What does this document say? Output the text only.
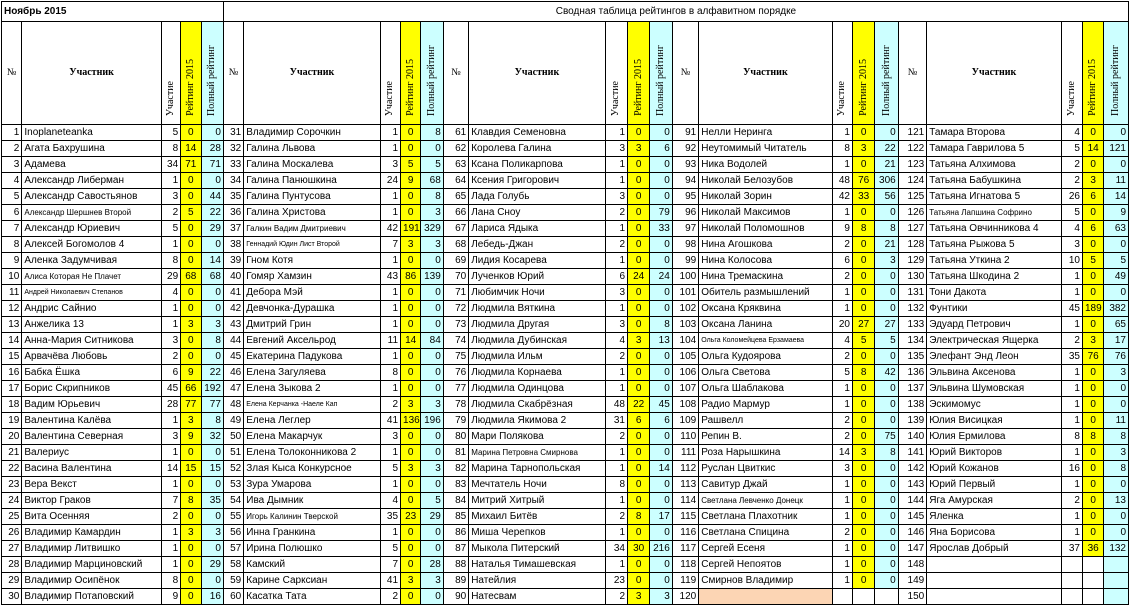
Ноябрь 2015					Сводная таблица рейтингов в алфавитном порядке																			
№	Участник	Участие	Рейтинг 2015	Полный рейтинг	№	Участник	Участие	Рейтинг 2015	Полный рейтинг	№	Участник	Участие	Рейтинг 2015	Полный рейтинг	№	Участник	Участие	Рейтинг 2015	Полный рейтинг	№	Участник	Участие	Рейтинг 2015	Полный рейтинг
1	Inoplaneteanka	5	0	0	31	Владимир Сорочкин	1	0	8	61	Клавдия Семеновна	1	0	0	91	Нелли Неринга	1	0	0	121	Тамара Второва	4	0	0
2	Агата Бахрушина	8	14	28	32	Галина Львова	1	0	0	62	Королева Галина	3	3	6	92	Неутомимый Читатель	8	3	22	122	Тамара Гаврилова 5	5	14	121
3	Адамева	34	71	71	33	Галина Москалева	3	5	5	63	Ксана Поликарпова	1	0	0	93	Ника Водолей	1	0	21	123	Татьяна Алхимова	2	0	0
4	Александр Либерман	1	0	0	34	Галина Панюшкина	24	9	68	64	Ксения Григорович	1	0	0	94	Николай Белозубов	48	76	306	124	Татьяна Бабушкина	2	3	11
5	Александр Савостьянов	3	0	44	35	Галина Пунтусова	1	0	8	65	Лада Голубь	3	0	0	95	Николай Зорин	42	33	56	125	Татьяна Игнатова 5	26	6	14
6	Александр Шершнев Второй	2	5	22	36	Галина Христова	1	0	3	66	Лана Сноу	2	0	79	96	Николай Максимов	1	0	0	126	Татьяна Лапшина Софрино	5	0	9
7	Александр Юриевич	5	0	29	37	Галкин Вадим Дмитриевич	42	191	329	67	Лариса Ядыка	1	0	33	97	Николай Поломошнов	9	8	8	127	Татьяна Овчинникова 4	4	6	63
8	Алексей Богомолов 4	1	0	0	38	Геннадий Юдин Лист Второй	7	3	3	68	Лебедь-Джан	2	0	0	98	Нина Агошкова	2	0	21	128	Татьяна Рыжова 5	3	0	0
9	Аленка Задумчивая	8	0	14	39	Гном Котя	1	0	0	69	Лидия Косарева	1	0	0	99	Нина Колосова	6	0	3	129	Татьяна Уткина 2	10	5	5
10	Алиса Которая Не Плачет	29	68	68	40	Гомяр Хамзин	43	86	139	70	Лученков Юрий	6	24	24	100	Нина Тремаскина	2	0	0	130	Татьяна Шкодина 2	1	0	49
11	Андрей Николаевич Степанов	4	0	0	41	Дебора Мэй	1	0	0	71	Любимчик Ночи	3	0	0	101	Обитель размышлений	1	0	0	131	Тони Дакота	1	0	0
12	Андрис Сайнио	1	0	0	42	Девчонка-Дурашка	1	0	0	72	Людмила Вяткина	1	0	0	102	Оксана Кряквина	1	0	0	132	Фунтики	45	189	382
13	Анжелика 13	1	3	3	43	Дмитрий Грин	1	0	0	73	Людмила Другая	3	0	8	103	Оксана Ланина	20	27	27	133	Эдуард Петрович	1	0	65
14	Анна-Мария Ситникова	3	0	8	44	Евгений Аксельрод	11	14	84	74	Людмила Дубинская	4	3	13	104	Ольга Коломейцева Ерзамаева	4	5	5	134	Электрическая Ящерка	2	3	17
15	Арвачёва Любовь	2	0	0	45	Екатерина Падукова	1	0	0	75	Людмила Ильм	2	0	0	105	Ольга Кудоярова	2	0	0	135	Элефант Энд Леон	35	76	76
16	Бабка Ёшка	6	9	22	46	Елена Загуляева	8	0	0	76	Людмила Корнаева	1	0	0	106	Ольга Светова	5	8	42	136	Эльвина Аксенова	1	0	3
17	Борис Скрипников	45	66	192	47	Елена Зыкова 2	1	0	0	77	Людмила Одинцова	1	0	0	107	Ольга Шаблакова	1	0	0	137	Эльвина Шумовская	1	0	0
18	Вадим Юрьевич	28	77	77	48	Елена Керчанка -Наеле Кап	2	3	3	78	Людмила Скабрёзная	48	22	45	108	Радио Мармур	1	0	0	138	Эскимомус	1	0	0
19	Валентина Калёва	1	3	8	49	Елена Леглер	41	136	196	79	Людмила Якимова 2	31	6	6	109	Рашвелл	2	0	0	139	Юлия Висицкая	1	0	11
20	Валентина Северная	3	9	32	50	Елена Макарчук	3	0	0	80	Мари Полякова	2	0	0	110	Репин В.	2	0	75	140	Юлия Ермилова	8	8	8
21	Валериус	1	0	0	51	Елена Толоконникова 2	1	0	0	81	Марина Петровна Смирнова	1	0	0	111	Роза Нарышкина	14	3	8	141	Юрий Викторов	1	0	3
22	Васина Валентина	14	15	15	52	Злая Кыса Конкурсное	5	3	3	82	Марина Тарнопольская	1	0	14	112	Руслан Цвиткис	3	0	0	142	Юрий Кожанов	16	0	8
23	Вера Векст	1	0	0	53	Зура Умарова	1	0	0	83	Мечтатель Ночи	8	0	0	113	Савитур Джай	1	0	0	143	Юрий Первый	1	0	0
24	Виктор Граков	7	8	35	54	Ива Дымник	4	0	5	84	Митрий Хитрый	1	0	0	114	Светлана Левченко Донецк	1	0	0	144	Яга Амурская	2	0	13
25	Вита Осенняя	2	0	0	55	Игорь Калинин Тверской	35	23	29	85	Михаил Битёв	2	8	17	115	Светлана Плахотник	1	0	0	145	Яленка	1	0	0
26	Владимир Камардин	1	3	3	56	Инна Гранкина	1	0	0	86	Миша Черепков	1	0	0	116	Светлана Спицина	2	0	0	146	Яна Борисова	1	0	0
27	Владимир Литвишко	1	0	0	57	Ирина Полюшко	5	0	0	87	Мыкола Питерский	34	30	216	117	Сергей Есеня	1	0	0	147	Ярослав Добрый	37	36	132
28	Владимир Марциновский	1	0	29	58	Камский	7	0	28	88	Наталья Тимашевская	1	0	0	118	Сергей Непоятов	1	0	0	148				
29	Владимир Осипёнок	8	0	0	59	Карине Сарксиан	41	3	3	89	Натейлия	23	0	0	119	Смирнов Владимир	1	0	0	149				
30	Владимир Потаповский	9	0	16	60	Касатка Тата	2	0	0	90	Натесвам	2	3	3	120					150				
